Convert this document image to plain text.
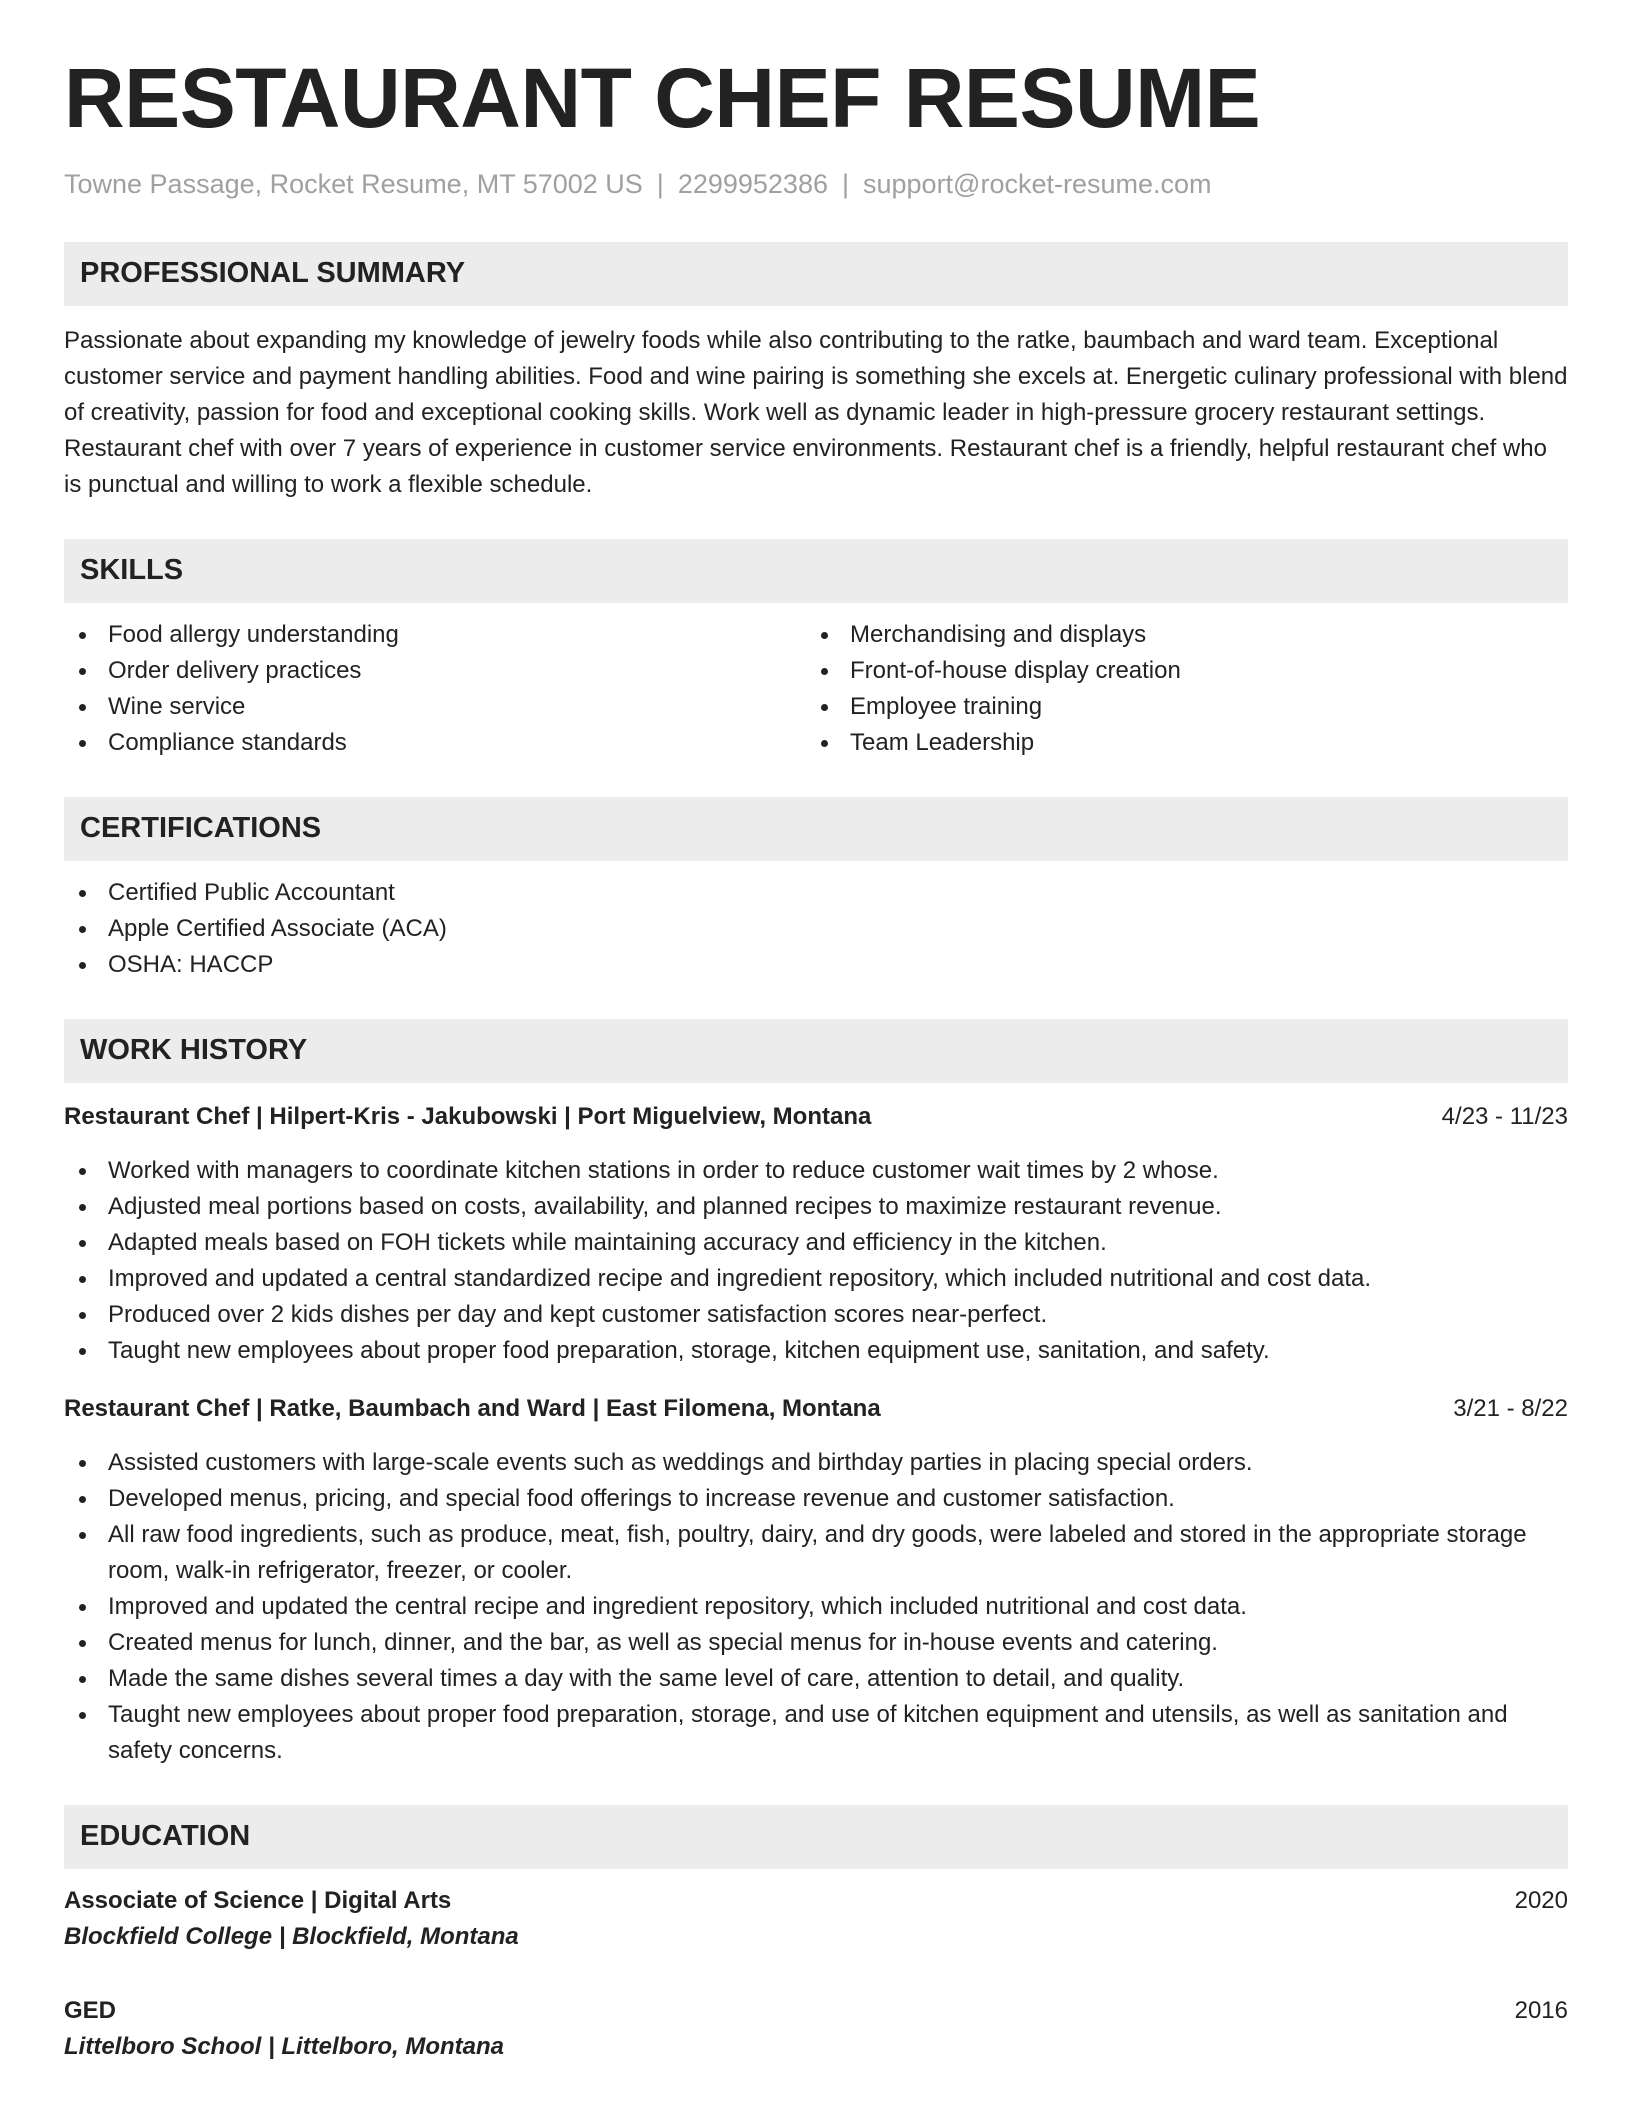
RESTAURANT CHEF RESUME
Towne Passage, Rocket Resume, MT 57002 US | 2299952386 | support@rocket-resume.com
PROFESSIONAL SUMMARY

Passionate about expanding my knowledge of jewelry foods while also contributing to the ratke, baumbach and ward team. Exceptional customer service and payment handling abilities. Food and wine pairing is something she excels at. Energetic culinary professional with blend of creativity, passion for food and exceptional cooking skills. Work well as dynamic leader in high-pressure grocery restaurant settings. Restaurant chef with over 7 years of experience in customer service environments. Restaurant chef is a friendly, helpful restaurant chef who is punctual and willing to work a flexible schedule.

SKILLS
Food allergy understanding
Order delivery practices
Wine service
Compliance standards
Merchandising and displays
Front-of-house display creation
Employee training
Team Leadership
CERTIFICATIONS
Certified Public Accountant
Apple Certified Associate (ACA)
OSHA: HACCP
WORK HISTORY
Restaurant Chef | Hilpert-Kris - Jakubowski | Port Miguelview, Montana	4/23 - 11/23
Worked with managers to coordinate kitchen stations in order to reduce customer wait times by 2 whose.
Adjusted meal portions based on costs, availability, and planned recipes to maximize restaurant revenue.
Adapted meals based on FOH tickets while maintaining accuracy and efficiency in the kitchen.
Improved and updated a central standardized recipe and ingredient repository, which included nutritional and cost data.
Produced over 2 kids dishes per day and kept customer satisfaction scores near-perfect.
Taught new employees about proper food preparation, storage, kitchen equipment use, sanitation, and safety.
Restaurant Chef | Ratke, Baumbach and Ward | East Filomena, Montana	3/21 - 8/22
Assisted customers with large-scale events such as weddings and birthday parties in placing special orders.
Developed menus, pricing, and special food offerings to increase revenue and customer satisfaction.
All raw food ingredients, such as produce, meat, fish, poultry, dairy, and dry goods, were labeled and stored in the appropriate storage room, walk-in refrigerator, freezer, or cooler.
Improved and updated the central recipe and ingredient repository, which included nutritional and cost data.
Created menus for lunch, dinner, and the bar, as well as special menus for in-house events and catering.
Made the same dishes several times a day with the same level of care, attention to detail, and quality.
Taught new employees about proper food preparation, storage, and use of kitchen equipment and utensils, as well as sanitation and safety concerns.
EDUCATION
Associate of Science | Digital Arts	2020
Blockfield College | Blockfield, Montana
GED	2016
Littelboro School | Littelboro, Montana
